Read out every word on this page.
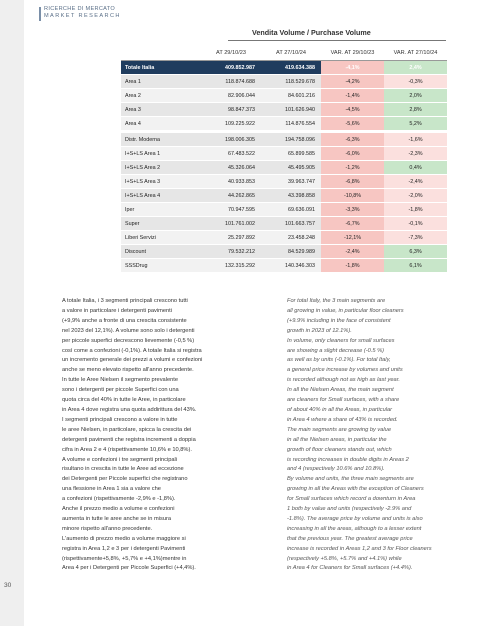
RICERCHE DI MERCATO
MARKET RESEARCH
Vendita Volume / Purchase Volume
	AT 29/10/23	AT 27/10/24	VAR. AT 29/10/23	VAR. AT 27/10/24
Totale Italia	409.852.987	419.634.388	-4,1%	2,4%
Area 1	118.874.688	118.529.678	-4,2%	-0,3%
Area 2	82.906.044	84.601.216	-1,4%	2,0%
Area 3	98.847.373	101.626.940	-4,5%	2,8%
Area 4	109.225.922	114.876.554	-5,6%	5,2%

Distr. Moderna	198.006.305	194.758.096	-6,3%	-1,6%
I+S+LS Area 1	67.483.522	65.899.585	-6,0%	-2,3%
I+S+LS Area 2	45.326.064	45.495.905	-1,2%	0,4%
I+S+LS Area 3	40.933.853	39.963.747	-6,8%	-2,4%
I+S+LS Area 4	44.262.865	43.398.858	-10,8%	-2,0%
Iper	70.947.595	69.636.091	-3,3%	-1,8%
Super	101.761.002	101.663.757	-6,7%	-0,1%
Liberi Servizi	25.297.892	23.458.248	-12,1%	-7,3%
Discount	79.532.212	84.529.989	-2,4%	6,3%
SSSDrug	132.315.292	140.346.303	-1,8%	6,1%
A totale Italia, i 3 segmenti principali crescono tutti
a valore in particolare i detergenti pavimenti
(+9,9% anche a fronte di una crescita consistente
nel 2023 del 12,1%). A volume sono solo i detergenti
per piccole superfici decrescono lievemente (-0,5 %)
così come a confezioni (-0,1%). A totale Italia si registra
un incremento generale dei prezzi a volumi e confezioni
anche se meno elevato rispetto all'anno precedente.
In tutte le Aree Nielsen il segmento prevalente
sono i detergenti per piccole Superfici con una
quota circa del 40% in tutte le Aree, in particolare
in Area 4 dove registra una quota addirittura del 43%.
I segmenti principali crescono a valore in tutte
le aree Nielsen, in particolare, spicca la crescita dei
detergenti pavimenti che registra incrementi a doppia
cifra in Area 2 e 4 (rispettivamente 10,6% e 10,8%).
A volume e confezioni i tre segmenti principali
risultano in crescita in tutte le Aree ad eccezione
dei Detergenti per Piccole superfici che registrano
una flessione in Area 1 sia a valore che
a confezioni (rispettivamente -2,9% e -1,8%).
Anche il prezzo medio a volume e confezioni
aumenta in tutte le aree anche se in misura
minore rispetto all'anno precedente.
L'aumento di prezzo medio a volume maggiore si
registra in Area 1,2 e 3 per i detergenti Pavimenti
(rispettivamente+5,8%, +5,7% e +4,1%)mentre in
Area 4 per i Detergenti per Piccole Superfici (+4,4%).
For total Italy, the 3 main segments are
all growing in value, in particular floor cleaners
(+9.9% including in the face of consistent
growth in 2023 of 12.1%).
In volume, only cleaners for small surfaces
are showing a slight decrease (-0.5 %)
as well as by units (-0.1%). For total Italy,
a general price increase by volumes and units
is recorded although not as high as last year.
In all the Nielsen Areas, the main segment
are cleaners for Small surfaces, with a share
of about 40% in all the Areas, in particular
in Area 4 where a share of 43% is recorded.
The main segments are growing by value
in all the Nielsen areas, in particular the
growth of floor cleaners stands out, which
is recording increases in double digits in Areas 2
and 4 (respectively 10.6% and 10.8%).
By volume and units, the three main segments are
growing in all the Areas with the exception of Cleaners
for Small surfaces which record a downturn in Area
1 both by value and units (respectively -2.9% and
-1.8%). The average price by volume and units is also
increasing in all the areas, although to a lesser extent
that the previous year. The greatest average price
increase is recorded in Areas 1,2 and 3 for Floor cleaners
(respectively +5.8%, +5.7% and +4.1%) while
in Area 4 for Cleaners for Small surfaces (+4.4%).
30
